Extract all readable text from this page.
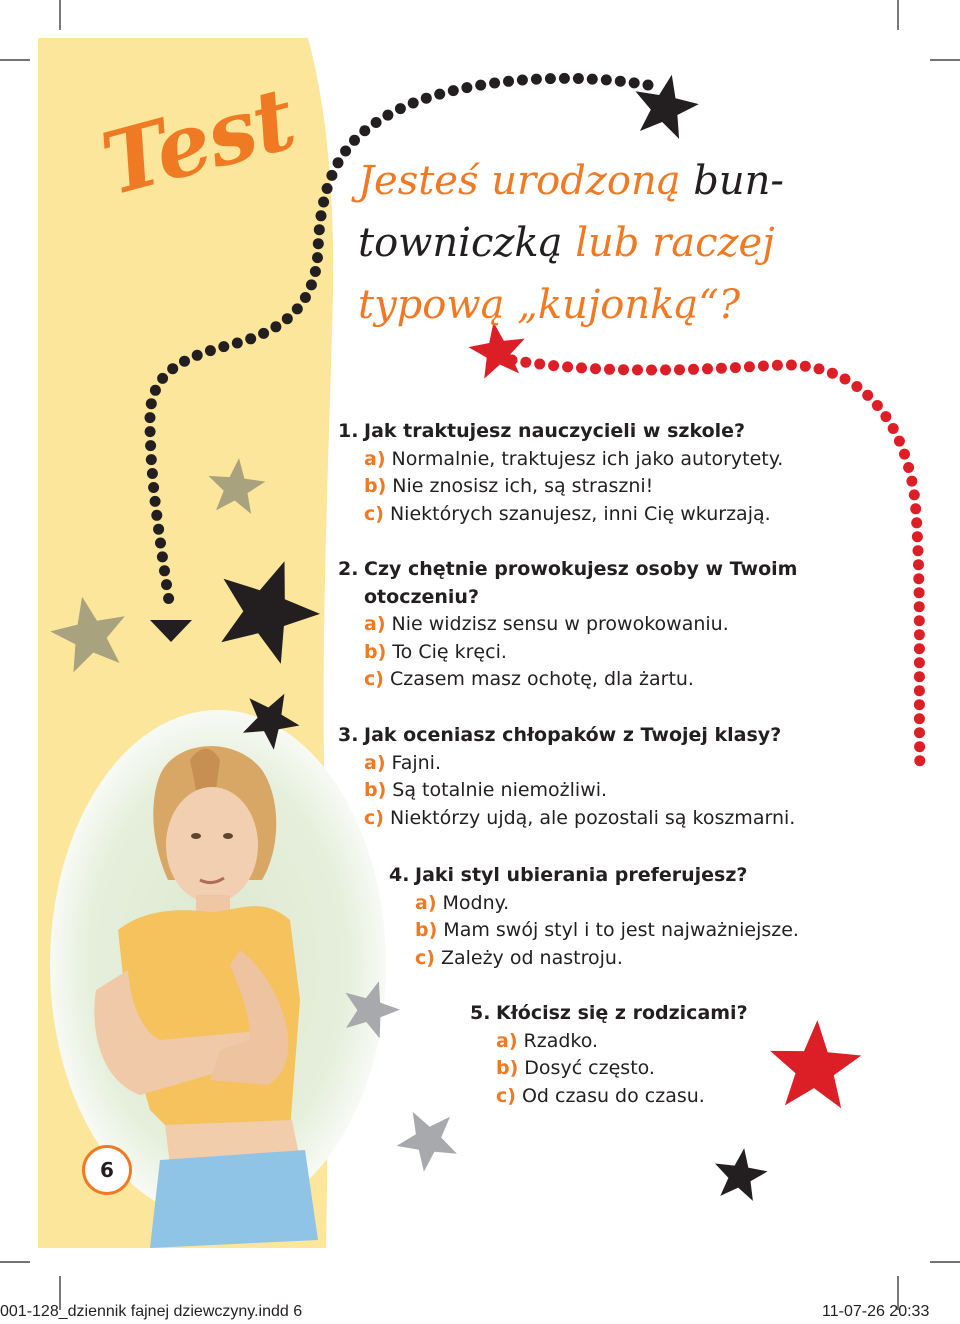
Test Jesteś urodzoną bun-
towniczką lub raczej
typową „kujonką“?
1. Jak traktujesz nauczycieli w szkole?
a) Normalnie, traktujesz ich jako autorytety.
b) Nie znosisz ich, są straszni!
c) Niektórych szanujesz, inni Cię wkurzają.
2. Czy chętnie prowokujesz osoby w Twoim
otoczeniu?
a) Nie widzisz sensu w prowokowaniu.
b) To Cię kręci.
c) Czasem masz ochotę, dla żartu.
3. Jak oceniasz chłopaków z Twojej klasy?
a) Fajni.
b) Są totalnie niemożliwi.
c) Niektórzy ujdą, ale pozostali są koszmarni.
4. Jaki styl ubierania preferujesz?
a) Modny.
b) Mam swój styl i to jest najważniejsze.
c) Zależy od nastroju.
5. Kłócisz się z rodzicami?
a) Rzadko.
b) Dosyć często.
c) Od czasu do czasu.
6
001-128_dziennik fajnej dziewczyny.indd 6	11-07-26 20:33
